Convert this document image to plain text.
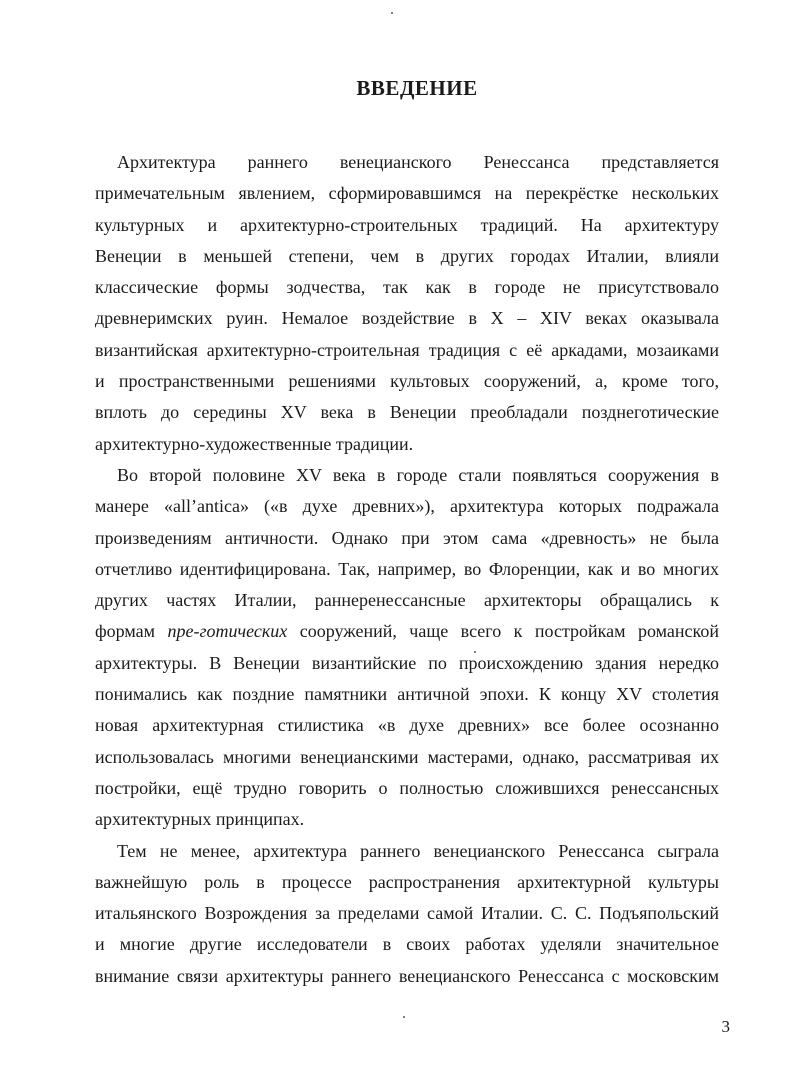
ВВЕДЕНИЕ
Архитектура раннего венецианского Ренессанса представляется
примечательным явлением, сформировавшимся на перекрёстке нескольких
культурных и архитектурно-строительных традиций. На архитектуру
Венеции в меньшей степени, чем в других городах Италии, влияли
классические формы зодчества, так как в городе не присутствовало
древнеримских руин. Немалое воздействие в X – XIV веках оказывала
византийская архитектурно-строительная традиция с её аркадами, мозаиками
и пространственными решениями культовых сооружений, а, кроме того,
вплоть до середины XV века в Венеции преобладали позднеготические
архитектурно-художественные традиции.
Во второй половине XV века в городе стали появляться сооружения в
манере «all’antica» («в духе древних»), архитектура которых подражала
произведениям античности. Однако при этом сама «древность» не была
отчетливо идентифицирована. Так, например, во Флоренции, как и во многих
других частях Италии, раннеренессансные архитекторы обращались к
формам пре-готических сооружений, чаще всего к постройкам романской
архитектуры. В Венеции византийские по происхождению здания нередко
понимались как поздние памятники античной эпохи. К концу XV столетия
новая архитектурная стилистика «в духе древних» все более осознанно
использовалась многими венецианскими мастерами, однако, рассматривая их
постройки, ещё трудно говорить о полностью сложившихся ренессансных
архитектурных принципах.
Тем не менее, архитектура раннего венецианского Ренессанса сыграла
важнейшую роль в процессе распространения архитектурной культуры
итальянского Возрождения за пределами самой Италии. С. С. Подъяпольский
и многие другие исследователи в своих работах уделяли значительное
внимание связи архитектуры раннего венецианского Ренессанса с московским
3
